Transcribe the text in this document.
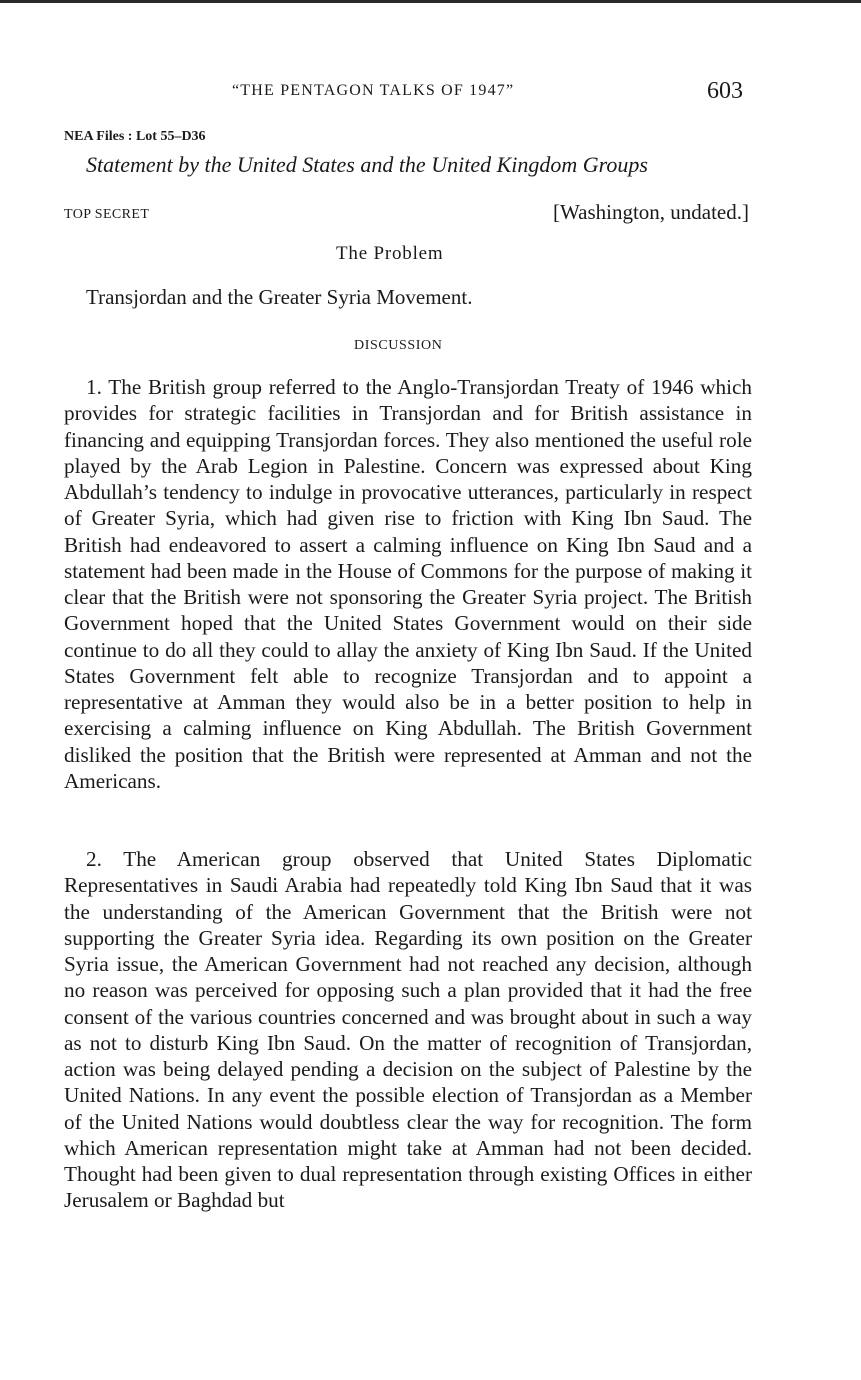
“THE PENTAGON TALKS OF 1947”	603
NEA Files : Lot 55–D36
Statement by the United States and the United Kingdom Groups
TOP SECRET	[Washington, undated.]
The Problem
Transjordan and the Greater Syria Movement.
DISCUSSION

1. The British group referred to the Anglo-Transjordan Treaty of 1946 which provides for strategic facilities in Transjordan and for British assistance in financing and equipping Transjordan forces. They also mentioned the useful role played by the Arab Legion in Palestine. Concern was expressed about King Abdullah’s tendency to indulge in provocative utterances, particularly in respect of Greater Syria, which had given rise to friction with King Ibn Saud. The British had endeavored to assert a calming influence on King Ibn Saud and a statement had been made in the House of Commons for the purpose of making it clear that the British were not sponsoring the Greater Syria project. The British Government hoped that the United States Government would on their side continue to do all they could to allay the anxiety of King Ibn Saud. If the United States Government felt able to recognize Transjordan and to appoint a representative at Amman they would also be in a better position to help in exercising a calming influence on King Abdullah. The British Government disliked the position that the British were represented at Amman and not the Americans.

2. The American group observed that United States Diplomatic Representatives in Saudi Arabia had repeatedly told King Ibn Saud that it was the understanding of the American Government that the British were not supporting the Greater Syria idea. Regarding its own position on the Greater Syria issue, the American Government had not reached any decision, although no reason was perceived for opposing such a plan provided that it had the free consent of the various countries concerned and was brought about in such a way as not to disturb King Ibn Saud. On the matter of recognition of Transjordan, action was being delayed pending a decision on the subject of Palestine by the United Nations. In any event the possible election of Transjordan as a Member of the United Nations would doubtless clear the way for recognition. The form which American representation might take at Amman had not been decided. Thought had been given to dual representation through existing Offices in either Jerusalem or Baghdad but
